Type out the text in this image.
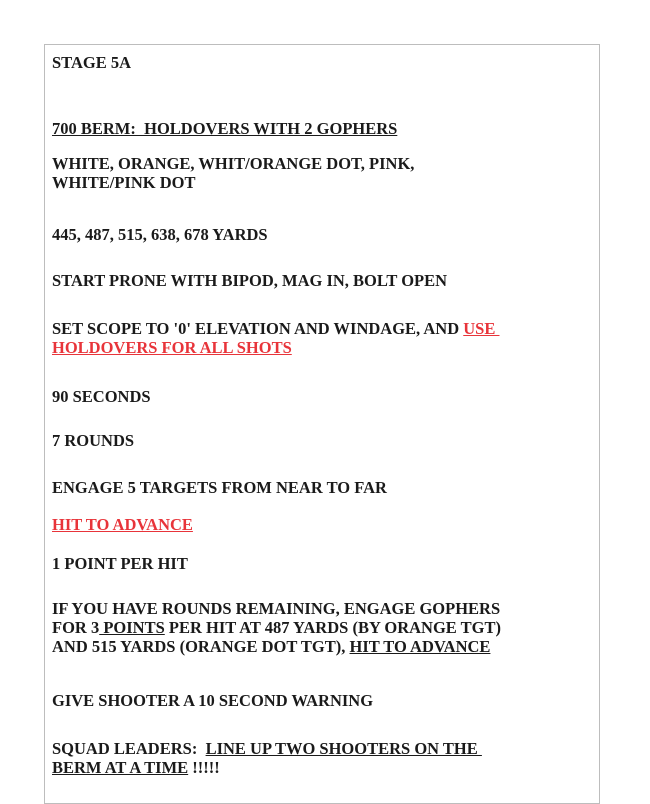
STAGE 5A

700 BERM:  HOLDOVERS WITH 2 GOPHERS

WHITE, ORANGE, WHIT/ORANGE DOT, PINK,
WHITE/PINK DOT

445, 487, 515, 638, 678 YARDS

START PRONE WITH BIPOD, MAG IN, BOLT OPEN

SET SCOPE TO '0' ELEVATION AND WINDAGE, AND USE
HOLDOVERS FOR ALL SHOTS

90 SECONDS

7 ROUNDS

ENGAGE 5 TARGETS FROM NEAR TO FAR

HIT TO ADVANCE

1 POINT PER HIT

IF YOU HAVE ROUNDS REMAINING, ENGAGE GOPHERS
FOR 3 POINTS PER HIT AT 487 YARDS (BY ORANGE TGT)
AND 515 YARDS (ORANGE DOT TGT), HIT TO ADVANCE

GIVE SHOOTER A 10 SECOND WARNING

SQUAD LEADERS:  LINE UP TWO SHOOTERS ON THE
BERM AT A TIME !!!!!
